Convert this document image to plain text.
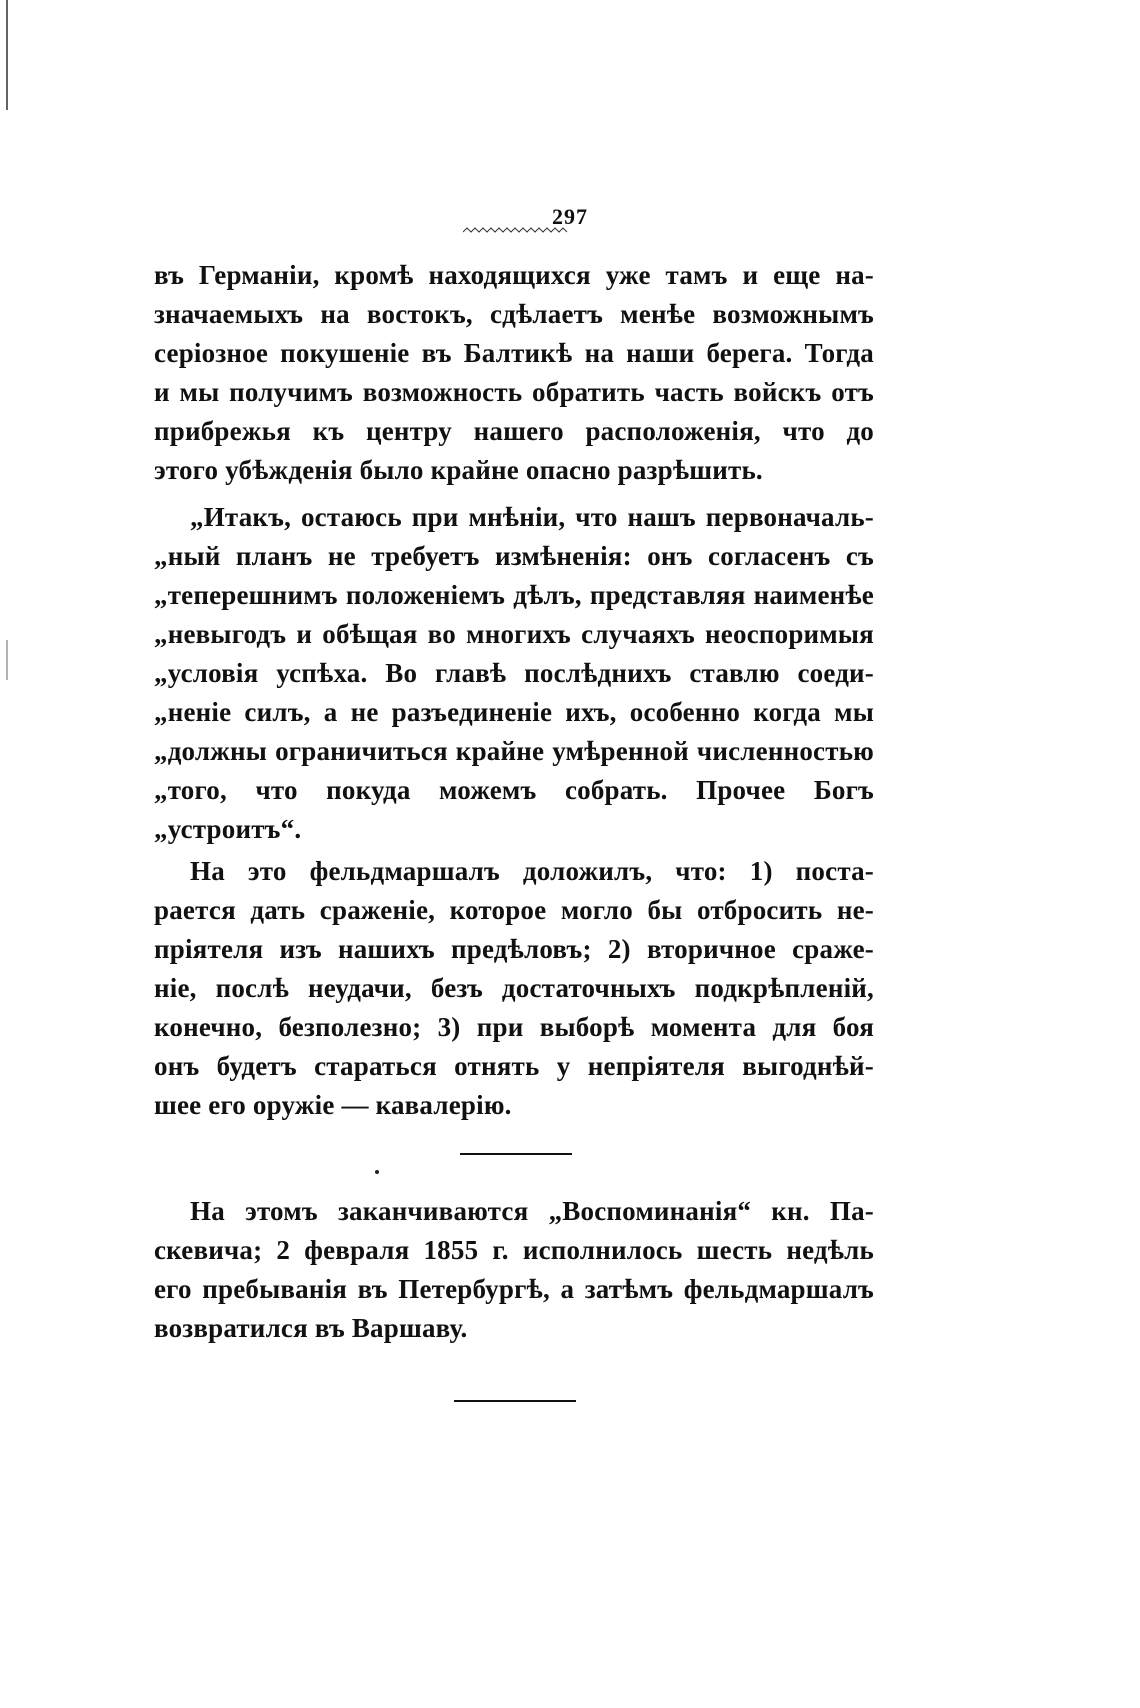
297
въ Германіи, кромѣ находящихся уже тамъ и еще на-
значаемыхъ на востокъ, сдѣлаетъ менѣе возможнымъ
серіозное покушеніе въ Балтикѣ на наши берега. Тогда
и мы получимъ возможность обратить часть войскъ отъ
прибрежья къ центру нашего расположенія, что до
этого убѣжденія было крайне опасно разрѣшить.
„Итакъ, остаюсь при мнѣніи, что нашъ первоначаль-
„ный планъ не требуетъ измѣненія: онъ согласенъ съ
„теперешнимъ положеніемъ дѣлъ, представляя наименѣе
„невыгодъ и обѣщая во многихъ случаяхъ неоспоримыя
„условія успѣха. Во главѣ послѣднихъ ставлю соеди-
„неніе силъ, а не разъединеніе ихъ, особенно когда мы
„должны ограничиться крайне умѣренной численностью
„того, что покуда можемъ собрать. Прочее Богъ
„устроитъ“.
На это фельдмаршалъ доложилъ, что: 1) поста-
рается дать сраженіе, которое могло бы отбросить не-
пріятеля изъ нашихъ предѣловъ; 2) вторичное сраже-
ніе, послѣ неудачи, безъ достаточныхъ подкрѣпленій,
конечно, безполезно; 3) при выборѣ момента для боя
онъ будетъ стараться отнять у непріятеля выгоднѣй-
шее его оружіе — кавалерію.
На этомъ заканчиваются „Воспоминанія“ кн. Па-
скевича; 2 февраля 1855 г. исполнилось шесть недѣль
его пребыванія въ Петербургѣ, а затѣмъ фельдмаршалъ
возвратился въ Варшаву.
